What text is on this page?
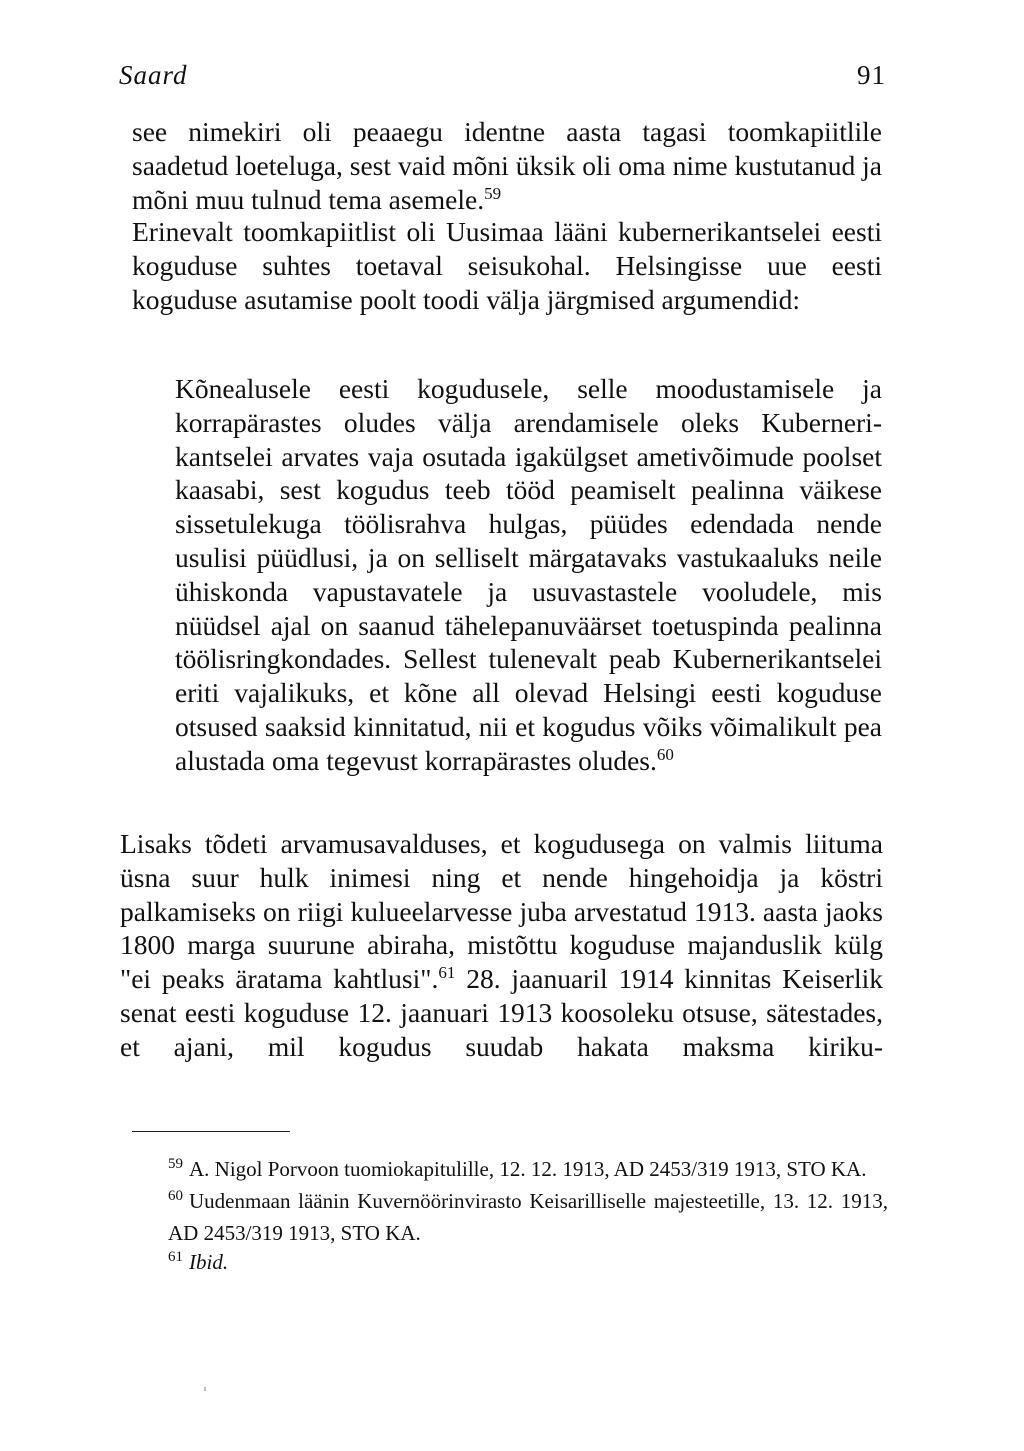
Saard	91

see nimekiri oli peaaegu identne aasta tagasi toomkapiitlile saadetud loeteluga, sest vaid mõni üksik oli oma nime kustutanud ja mõni muu tulnud tema asemele.$^{59}$

Erinevalt toomkapiitlist oli Uusimaa lääni kubernerikantselei eesti koguduse suhtes toetaval seisukohal. Helsingisse uue eesti koguduse asutamise poolt toodi välja järgmised argumendid:

Kõnealusele eesti kogudusele, selle moodustamisele ja korrapärastes oludes välja arendamisele oleks Kubernerikantselei arvates vaja osutada igakülgset ametivõimude poolset kaasabi, sest kogudus teeb tööd peamiselt pealinna väikese sissetulekuga töölisrahva hulgas, püüdes edendada nende usulisi püüdlusi, ja on selliselt märgatavaks vastukaaluks neile ühiskonda vapustavatele ja usuvastastele vooludele, mis nüüdsel ajal on saanud tähelepanuväärset toetuspinda pealinna töölisringkondades. Sellest tulenevalt peab Kubernerikantselei eriti vajalikuks, et kõne all olevad Helsingi eesti koguduse otsused saaksid kinnitatud, nii et kogudus võiks võimalikult pea alustada oma tegevust korrapärastes oludes.$^{60}$

Lisaks tõdeti arvamusavalduses, et kogudusega on valmis liituma üsna suur hulk inimesi ning et nende hingehoidja ja köstri palkamiseks on riigi kulueelarvesse juba arvestatud 1913. aasta jaoks 1800 marga suurune abiraha, mistõttu koguduse majanduslik külg "ei peaks äratama kahtlusi".$^{61}$ 28. jaanuaril 1914 kinnitas Keiserlik senat eesti koguduse 12. jaanuari 1913 koosoleku otsuse, sätestades, et ajani, mil kogudus suudab hakata maksma kiriku-

$^{59}$ A. Nigol Porvoon tuomiokapitulille, 12. 12. 1913, AD 2453/319 1913, STO KA.

$^{60}$ Uudenmaan läänin Kuvernöörinvirasto Keisarilliselle majesteetille, 13. 12. 1913, AD 2453/319 1913, STO KA.

$^{61}$ Ibid.
